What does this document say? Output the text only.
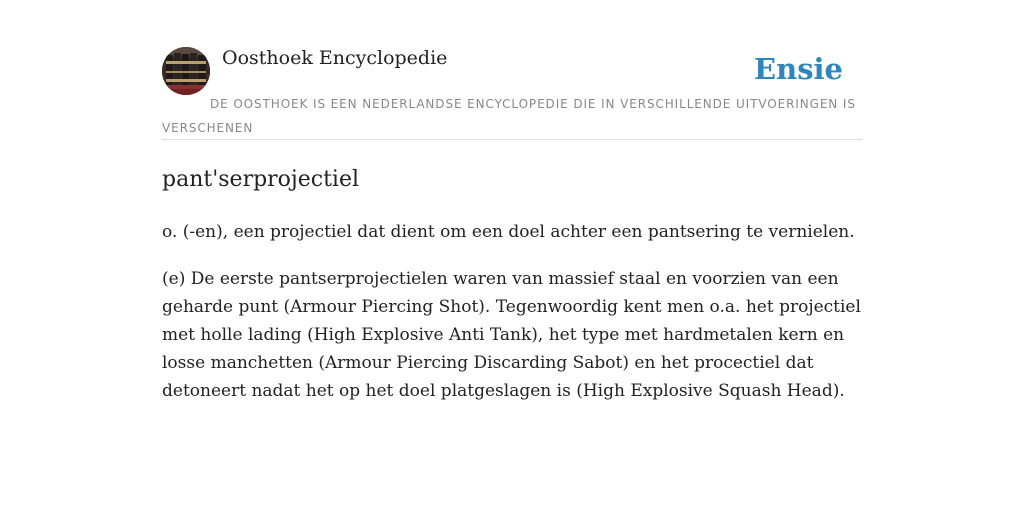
Oosthoek Encyclopedie	Ensie
DE OOSTHOEK IS EEN NEDERLANDSE ENCYCLOPEDIE DIE IN VERSCHILLENDE UITVOERINGEN IS VERSCHENEN
pant'serprojectiel

o. (-en), een projectiel dat dient om een doel achter een pantsering te vernielen.

(e) De eerste pantserprojectielen waren van massief staal en voorzien van een geharde punt (Armour Piercing Shot). Tegenwoordig kent men o.a. het projectiel met holle lading (High Explosive Anti Tank), het type met hardmetalen kern en losse manchetten (Armour Piercing Discarding Sabot) en het procectiel dat detoneert nadat het op het doel platgeslagen is (High Explosive Squash Head).
